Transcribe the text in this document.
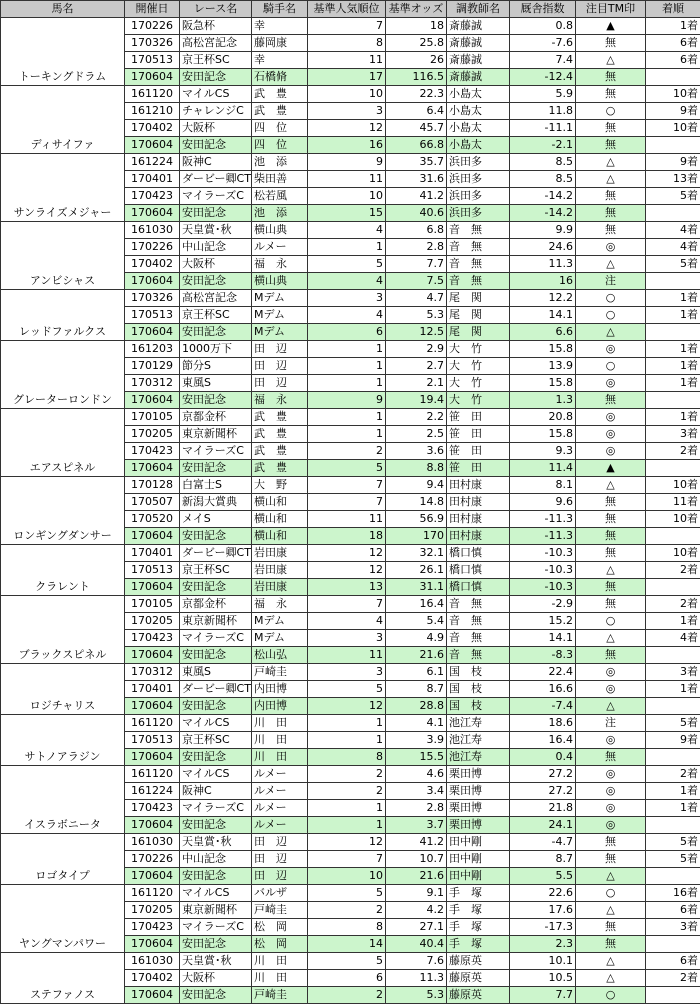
馬名	開催日	レース名	騎手名	基準人気順位	基準オッズ	調教師名	厩舎指数	注目TM印	着順
トーキングドラム	170226	阪急杯	幸	7	18	斎藤誠	0.8	▲	1着
	170326	高松宮記念	藤岡康	8	25.8	斎藤誠	-7.6	無	6着
	170513	京王杯SC	幸	11	26	斎藤誠	7.4	△	6着
	170604	安田記念	石橋脩	17	116.5	斎藤誠	-12.4	無	
ディサイファ	161120	マイルCS	武　豊	10	22.3	小島太	5.9	無	10着
	161210	チャレンジC	武　豊	3	6.4	小島太	11.8	○	9着
	170402	大阪杯	四　位	12	45.7	小島太	-11.1	無	10着
	170604	安田記念	四　位	16	66.8	小島太	-2.1	無	
サンライズメジャー	161224	阪神C	池　添	9	35.7	浜田多	8.5	△	9着
	170401	ダービー卿CT	柴田善	11	31.6	浜田多	8.5	△	13着
	170423	マイラーズC	松若風	10	41.2	浜田多	-14.2	無	5着
	170604	安田記念	池　添	15	40.6	浜田多	-14.2	無	
アンビシャス	161030	天皇賞･秋	横山典	4	6.8	音　無	9.9	無	4着
	170226	中山記念	ルメー	1	2.8	音　無	24.6	◎	4着
	170402	大阪杯	福　永	5	7.7	音　無	11.3	△	5着
	170604	安田記念	横山典	4	7.5	音　無	16	注	
レッドファルクス	170326	高松宮記念	Mデム	3	4.7	尾　関	12.2	○	1着
	170513	京王杯SC	Mデム	4	5.3	尾　関	14.1	○	1着
	170604	安田記念	Mデム	6	12.5	尾　関	6.6	△	
グレーターロンドン	161203	1000万下	田　辺	1	2.9	大　竹	15.8	◎	1着
	170129	節分S	田　辺	1	2.7	大　竹	13.9	○	1着
	170312	東風S	田　辺	1	2.1	大　竹	15.8	◎	1着
	170604	安田記念	福　永	9	19.4	大　竹	1.3	無	
エアスピネル	170105	京都金杯	武　豊	1	2.2	笹　田	20.8	◎	1着
	170205	東京新聞杯	武　豊	1	2.5	笹　田	15.8	◎	3着
	170423	マイラーズC	武　豊	2	3.6	笹　田	9.3	◎	2着
	170604	安田記念	武　豊	5	8.8	笹　田	11.4	▲	
ロンギングダンサー	170128	白富士S	大　野	7	9.4	田村康	8.1	△	10着
	170507	新潟大賞典	横山和	7	14.8	田村康	9.6	無	11着
	170520	メイS	横山和	11	56.9	田村康	-11.3	無	10着
	170604	安田記念	横山和	18	170	田村康	-11.3	無	
クラレント	170401	ダービー卿CT	岩田康	12	32.1	橋口慎	-10.3	無	10着
	170513	京王杯SC	岩田康	12	26.1	橋口慎	-10.3	△	2着
	170604	安田記念	岩田康	13	31.1	橋口慎	-10.3	無	
ブラックスピネル	170105	京都金杯	福　永	7	16.4	音　無	-2.9	無	2着
	170205	東京新聞杯	Mデム	4	5.4	音　無	15.2	○	1着
	170423	マイラーズC	Mデム	3	4.9	音　無	14.1	△	4着
	170604	安田記念	松山弘	11	21.6	音　無	-8.3	無	
ロジチャリス	170312	東風S	戸崎圭	3	6.1	国　枝	22.4	◎	3着
	170401	ダービー卿CT	内田博	5	8.7	国　枝	16.6	◎	1着
	170604	安田記念	内田博	12	28.8	国　枝	-7.4	△	
サトノアラジン	161120	マイルCS	川　田	1	4.1	池江寿	18.6	注	5着
	170513	京王杯SC	川　田	1	3.9	池江寿	16.4	◎	9着
	170604	安田記念	川　田	8	15.5	池江寿	0.4	無	
イスラボニータ	161120	マイルCS	ルメー	2	4.6	栗田博	27.2	◎	2着
	161224	阪神C	ルメー	2	3.4	栗田博	27.2	◎	1着
	170423	マイラーズC	ルメー	1	2.8	栗田博	21.8	◎	1着
	170604	安田記念	ルメー	1	3.7	栗田博	24.1	◎	
ロゴタイプ	161030	天皇賞･秋	田　辺	12	41.2	田中剛	-4.7	無	5着
	170226	中山記念	田　辺	7	10.7	田中剛	8.7	無	5着
	170604	安田記念	田　辺	10	21.6	田中剛	5.5	△	
ヤングマンパワー	161120	マイルCS	バルザ	5	9.1	手　塚	22.6	○	16着
	170205	東京新聞杯	戸崎圭	2	4.2	手　塚	17.6	△	6着
	170423	マイラーズC	松　岡	8	27.1	手　塚	-17.3	無	3着
	170604	安田記念	松　岡	14	40.4	手　塚	2.3	無	
ステファノス	161030	天皇賞･秋	川　田	5	7.6	藤原英	10.1	△	6着
	170402	大阪杯	川　田	6	11.3	藤原英	10.5	△	2着
	170604	安田記念	戸崎圭	2	5.3	藤原英	7.7	○	
